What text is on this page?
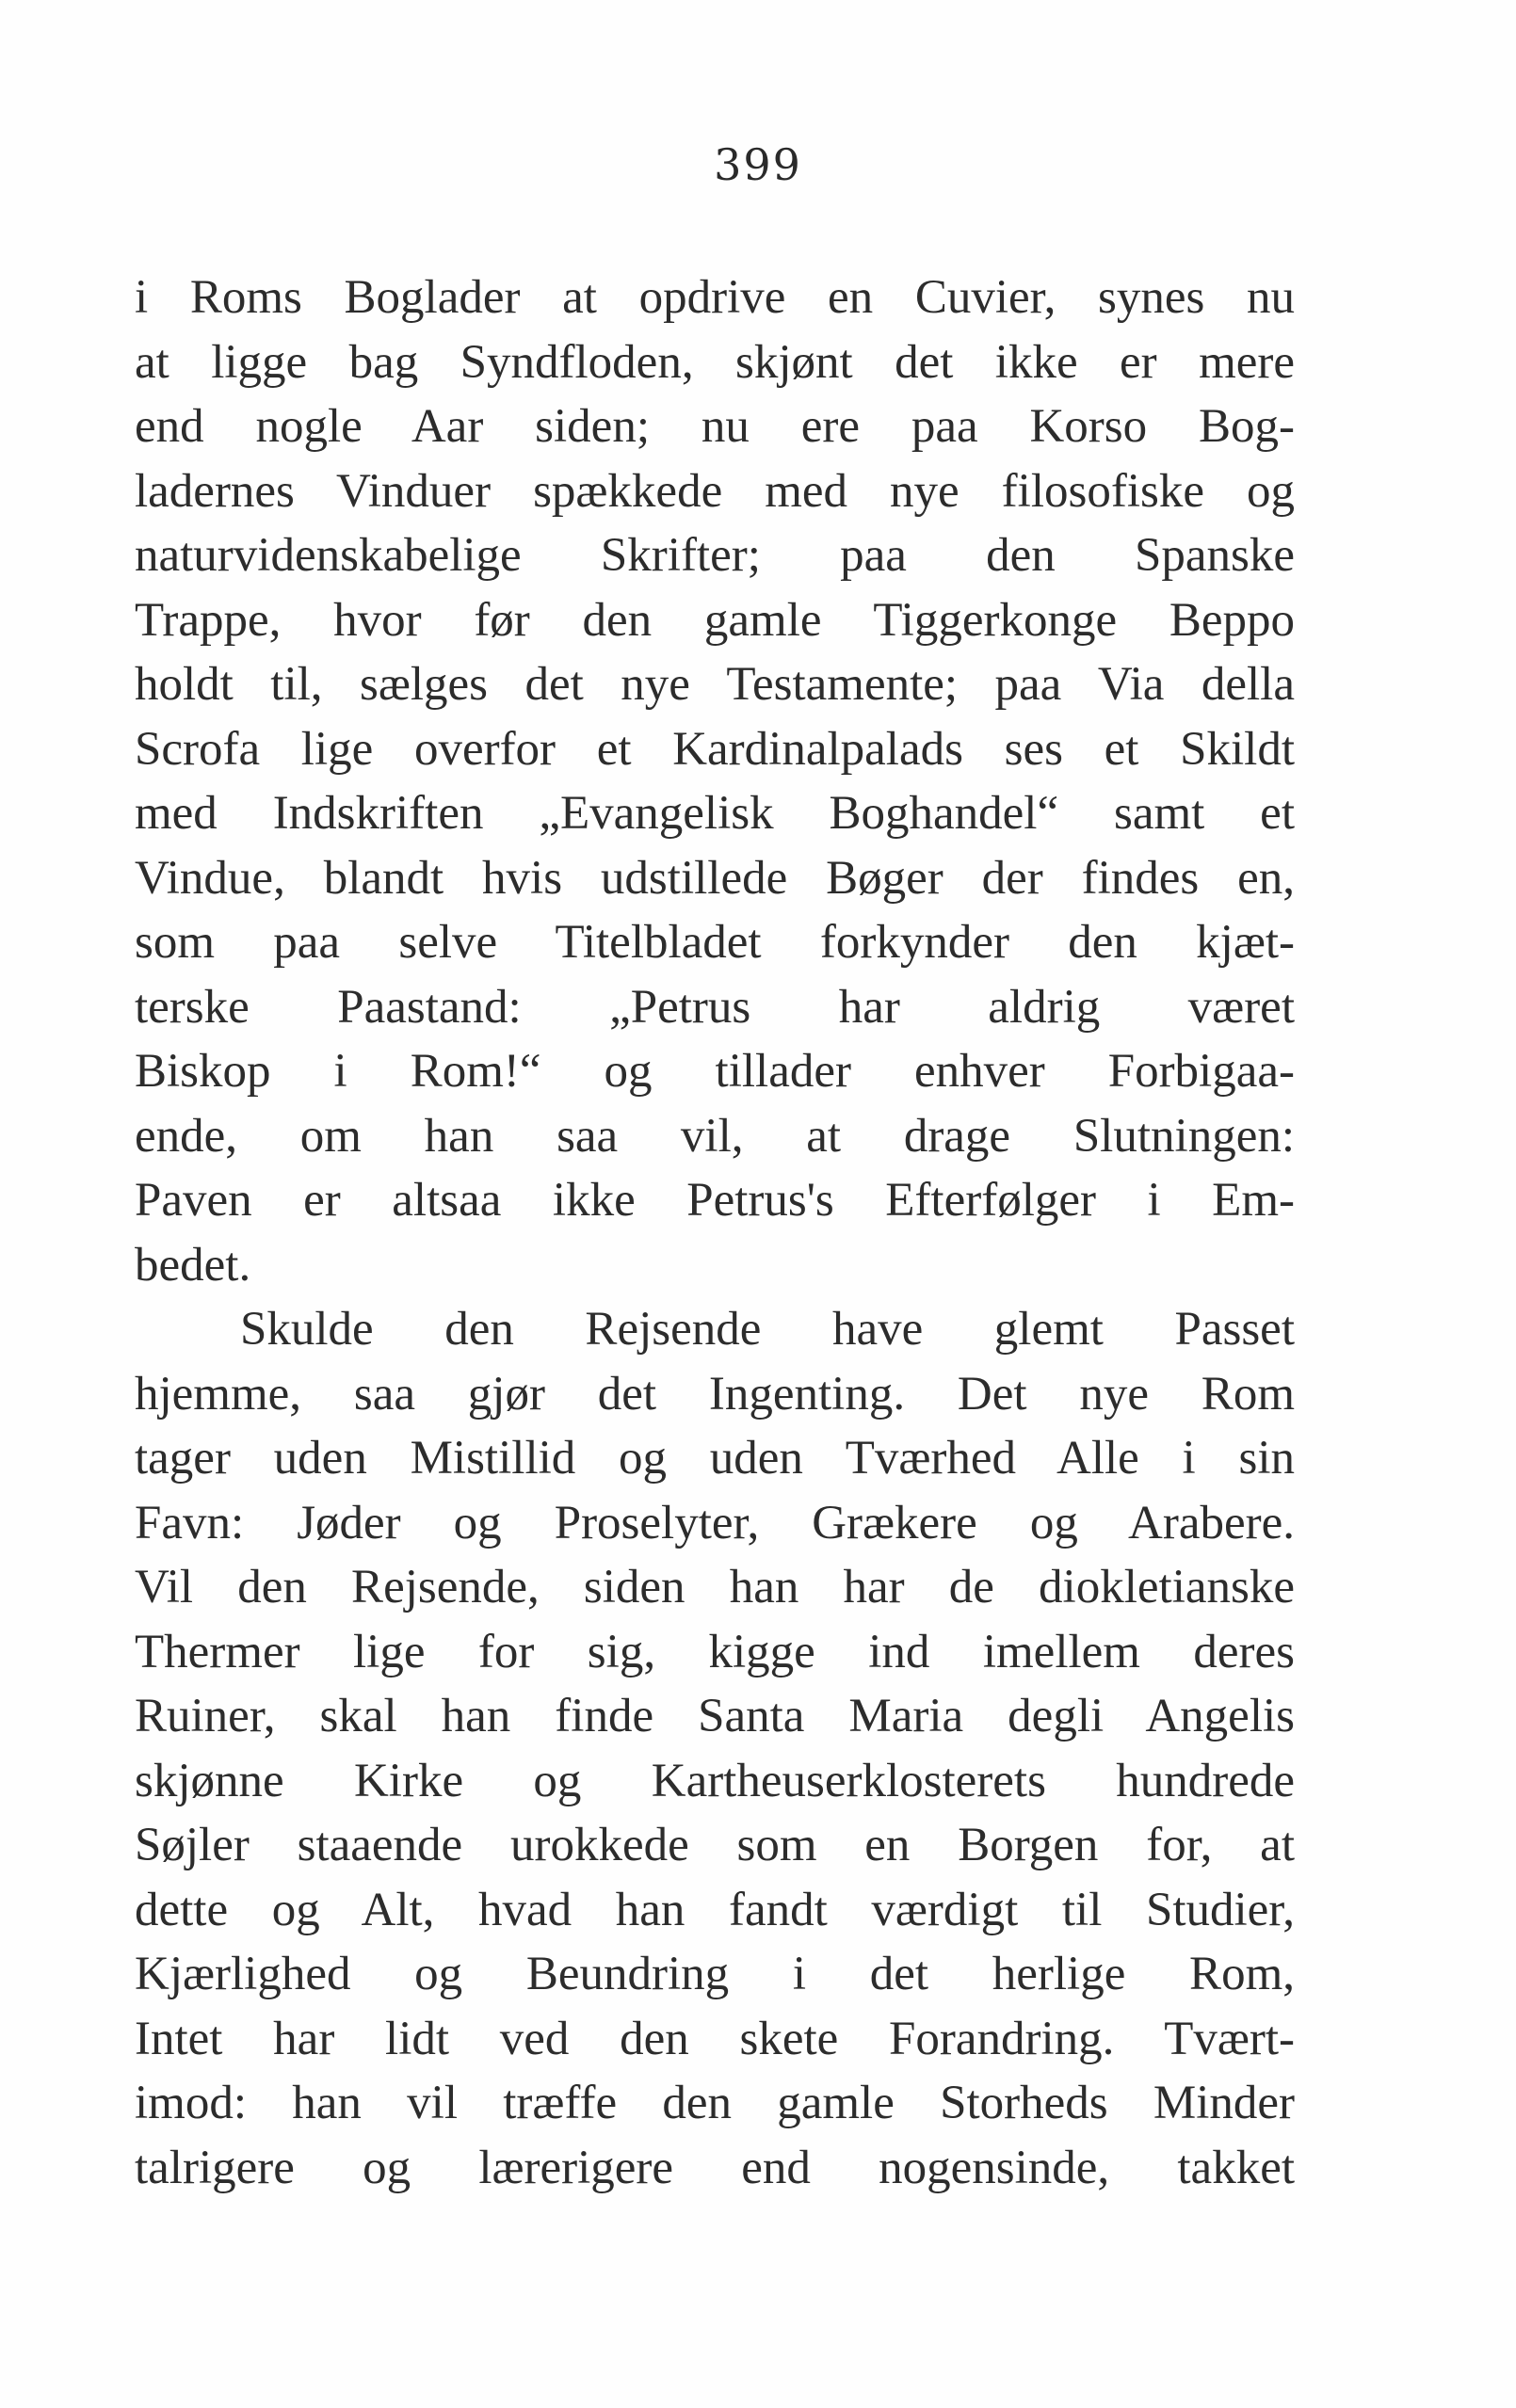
399
i Roms Boglader at opdrive en Cuvier, synes nu
at ligge bag Syndfloden, skjønt det ikke er mere
end nogle Aar siden; nu ere paa Korso Bog-
ladernes Vinduer spækkede med nye filosofiske og
naturvidenskabelige Skrifter; paa den Spanske
Trappe, hvor før den gamle Tiggerkonge Beppo
holdt til, sælges det nye Testamente; paa Via della
Scrofa lige overfor et Kardinalpalads ses et Skildt
med Indskriften „Evangelisk Boghandel“ samt et
Vindue, blandt hvis udstillede Bøger der findes en,
som paa selve Titelbladet forkynder den kjæt-
terske Paastand: „Petrus har aldrig været
Biskop i Rom!“ og tillader enhver Forbigaa-
ende, om han saa vil, at drage Slutningen:
Paven er altsaa ikke Petrus's Efterfølger i Em-
bedet.
Skulde den Rejsende have glemt Passet
hjemme, saa gjør det Ingenting. Det nye Rom
tager uden Mistillid og uden Tværhed Alle i sin
Favn: Jøder og Proselyter, Grækere og Arabere.
Vil den Rejsende, siden han har de diokletianske
Thermer lige for sig, kigge ind imellem deres
Ruiner, skal han finde Santa Maria degli Angelis
skjønne Kirke og Kartheuserklosterets hundrede
Søjler staaende urokkede som en Borgen for, at
dette og Alt, hvad han fandt værdigt til Studier,
Kjærlighed og Beundring i det herlige Rom,
Intet har lidt ved den skete Forandring. Tvært-
imod: han vil træffe den gamle Storheds Minder
talrigere og lærerigere end nogensinde, takket
